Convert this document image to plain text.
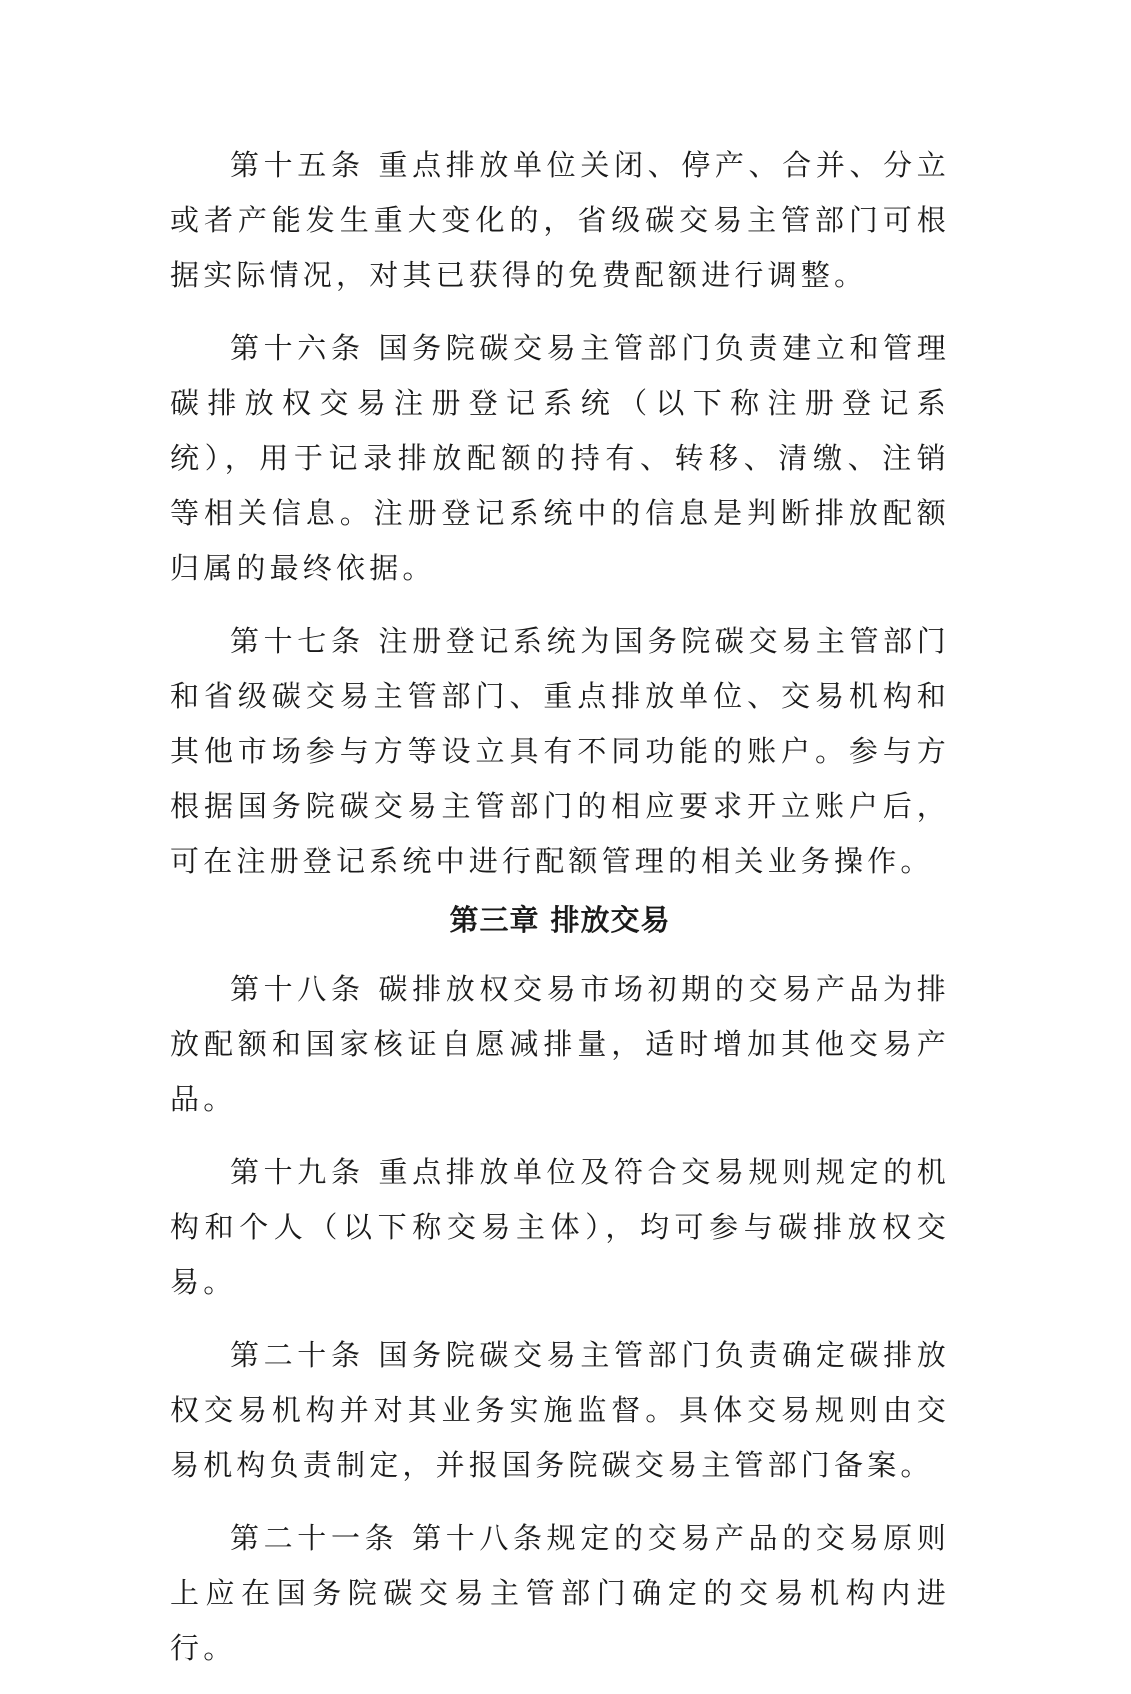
第十五条 重点排放单位关闭、停产、合并、分立或者产能发生重大变化的，省级碳交易主管部门可根据实际情况，对其已获得的免费配额进行调整。

第十六条 国务院碳交易主管部门负责建立和管理碳排放权交易注册登记系统（以下称注册登记系统），用于记录排放配额的持有、转移、清缴、注销等相关信息。注册登记系统中的信息是判断排放配额归属的最终依据。

第十七条 注册登记系统为国务院碳交易主管部门和省级碳交易主管部门、重点排放单位、交易机构和其他市场参与方等设立具有不同功能的账户。参与方根据国务院碳交易主管部门的相应要求开立账户后，可在注册登记系统中进行配额管理的相关业务操作。

第三章 排放交易

第十八条 碳排放权交易市场初期的交易产品为排放配额和国家核证自愿减排量，适时增加其他交易产品。

第十九条 重点排放单位及符合交易规则规定的机构和个人（以下称交易主体），均可参与碳排放权交易。

第二十条 国务院碳交易主管部门负责确定碳排放权交易机构并对其业务实施监督。具体交易规则由交易机构负责制定，并报国务院碳交易主管部门备案。

第二十一条 第十八条规定的交易产品的交易原则上应在国务院碳交易主管部门确定的交易机构内进行。
